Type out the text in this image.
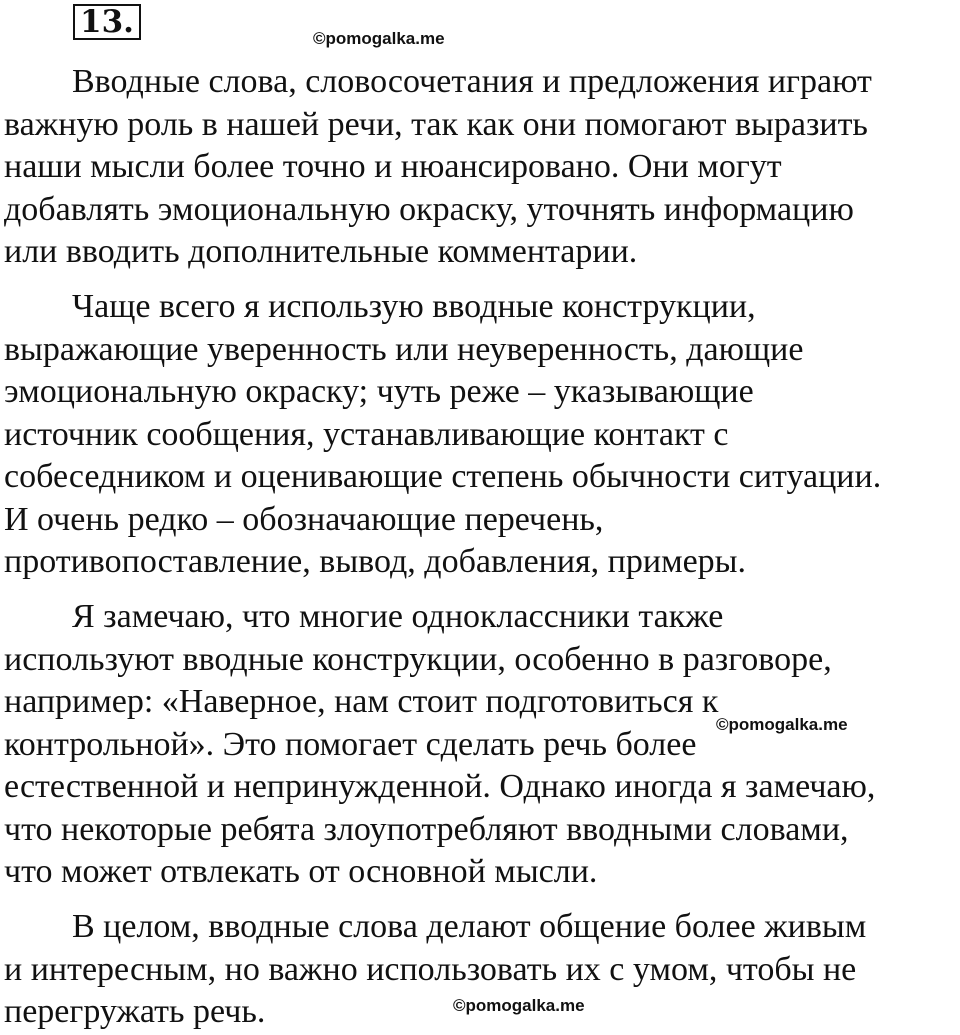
13.	©pomogalka.me
©pomogalka.me
©pomogalka.me
Вводные слова, словосочетания и предложения играют
важную роль в нашей речи, так как они помогают выразить
наши мысли более точно и нюансировано. Они могут
добавлять эмоциональную окраску, уточнять информацию
или вводить дополнительные комментарии.
Чаще всего я использую вводные конструкции,
выражающие уверенность или неуверенность, дающие
эмоциональную окраску; чуть реже – указывающие
источник сообщения, устанавливающие контакт с
собеседником и оценивающие степень обычности ситуации.
И очень редко – обозначающие перечень,
противопоставление, вывод, добавления, примеры.
Я замечаю, что многие одноклассники также
используют вводные конструкции, особенно в разговоре,
например: «Наверное, нам стоит подготовиться к
контрольной». Это помогает сделать речь более
естественной и непринужденной. Однако иногда я замечаю,
что некоторые ребята злоупотребляют вводными словами,
что может отвлекать от основной мысли.
В целом, вводные слова делают общение более живым
и интересным, но важно использовать их с умом, чтобы не
перегружать речь.
